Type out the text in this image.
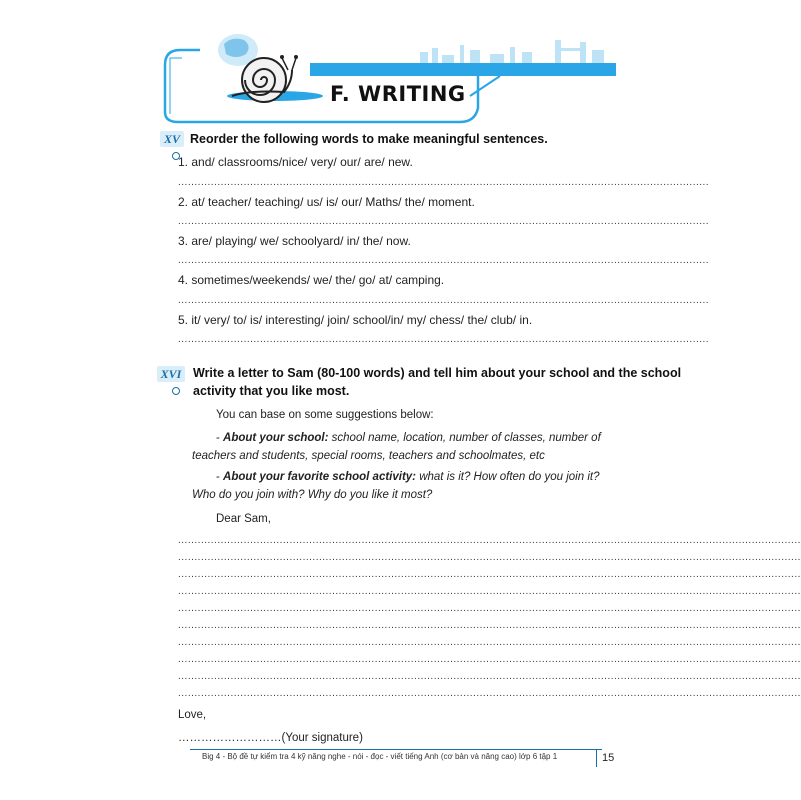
F. WRITING
XV Reorder the following words to make meaningful sentences.
1. and/ classrooms/nice/ very/ our/ are/ new.
..................................................................................................................................................................
2. at/ teacher/ teaching/ us/ is/ our/ Maths/ the/ moment.
..................................................................................................................................................................
3. are/ playing/ we/ schoolyard/ in/ the/ now.
..................................................................................................................................................................
4. sometimes/weekends/ we/ the/ go/ at/ camping.
..................................................................................................................................................................
5. it/ very/ to/ is/ interesting/ join/ school/in/ my/ chess/ the/ club/ in.
..................................................................................................................................................................
XVI Write a letter to Sam (80-100 words) and tell him about your school and the school
activity that you like most.
You can base on some suggestions below:
- About your school: school name, location, number of classes, number of
teachers and students, special rooms, teachers and schoolmates, etc
- About your favorite school activity: what is it? How often do you join it?
Who do you join with? Why do you like it most?
Dear Sam,
..............................................................................................................................................................................................
..............................................................................................................................................................................................
..............................................................................................................................................................................................
..............................................................................................................................................................................................
..............................................................................................................................................................................................
..............................................................................................................................................................................................
..............................................................................................................................................................................................
..............................................................................................................................................................................................
..............................................................................................................................................................................................
..............................................................................................................................................................................................
Love,
………………………(Your signature)
Big 4 - Bộ đề tự kiểm tra 4 kỹ năng nghe - nói - đọc - viết tiếng Anh (cơ bản và nâng cao) lớp 6 tập 1	15
